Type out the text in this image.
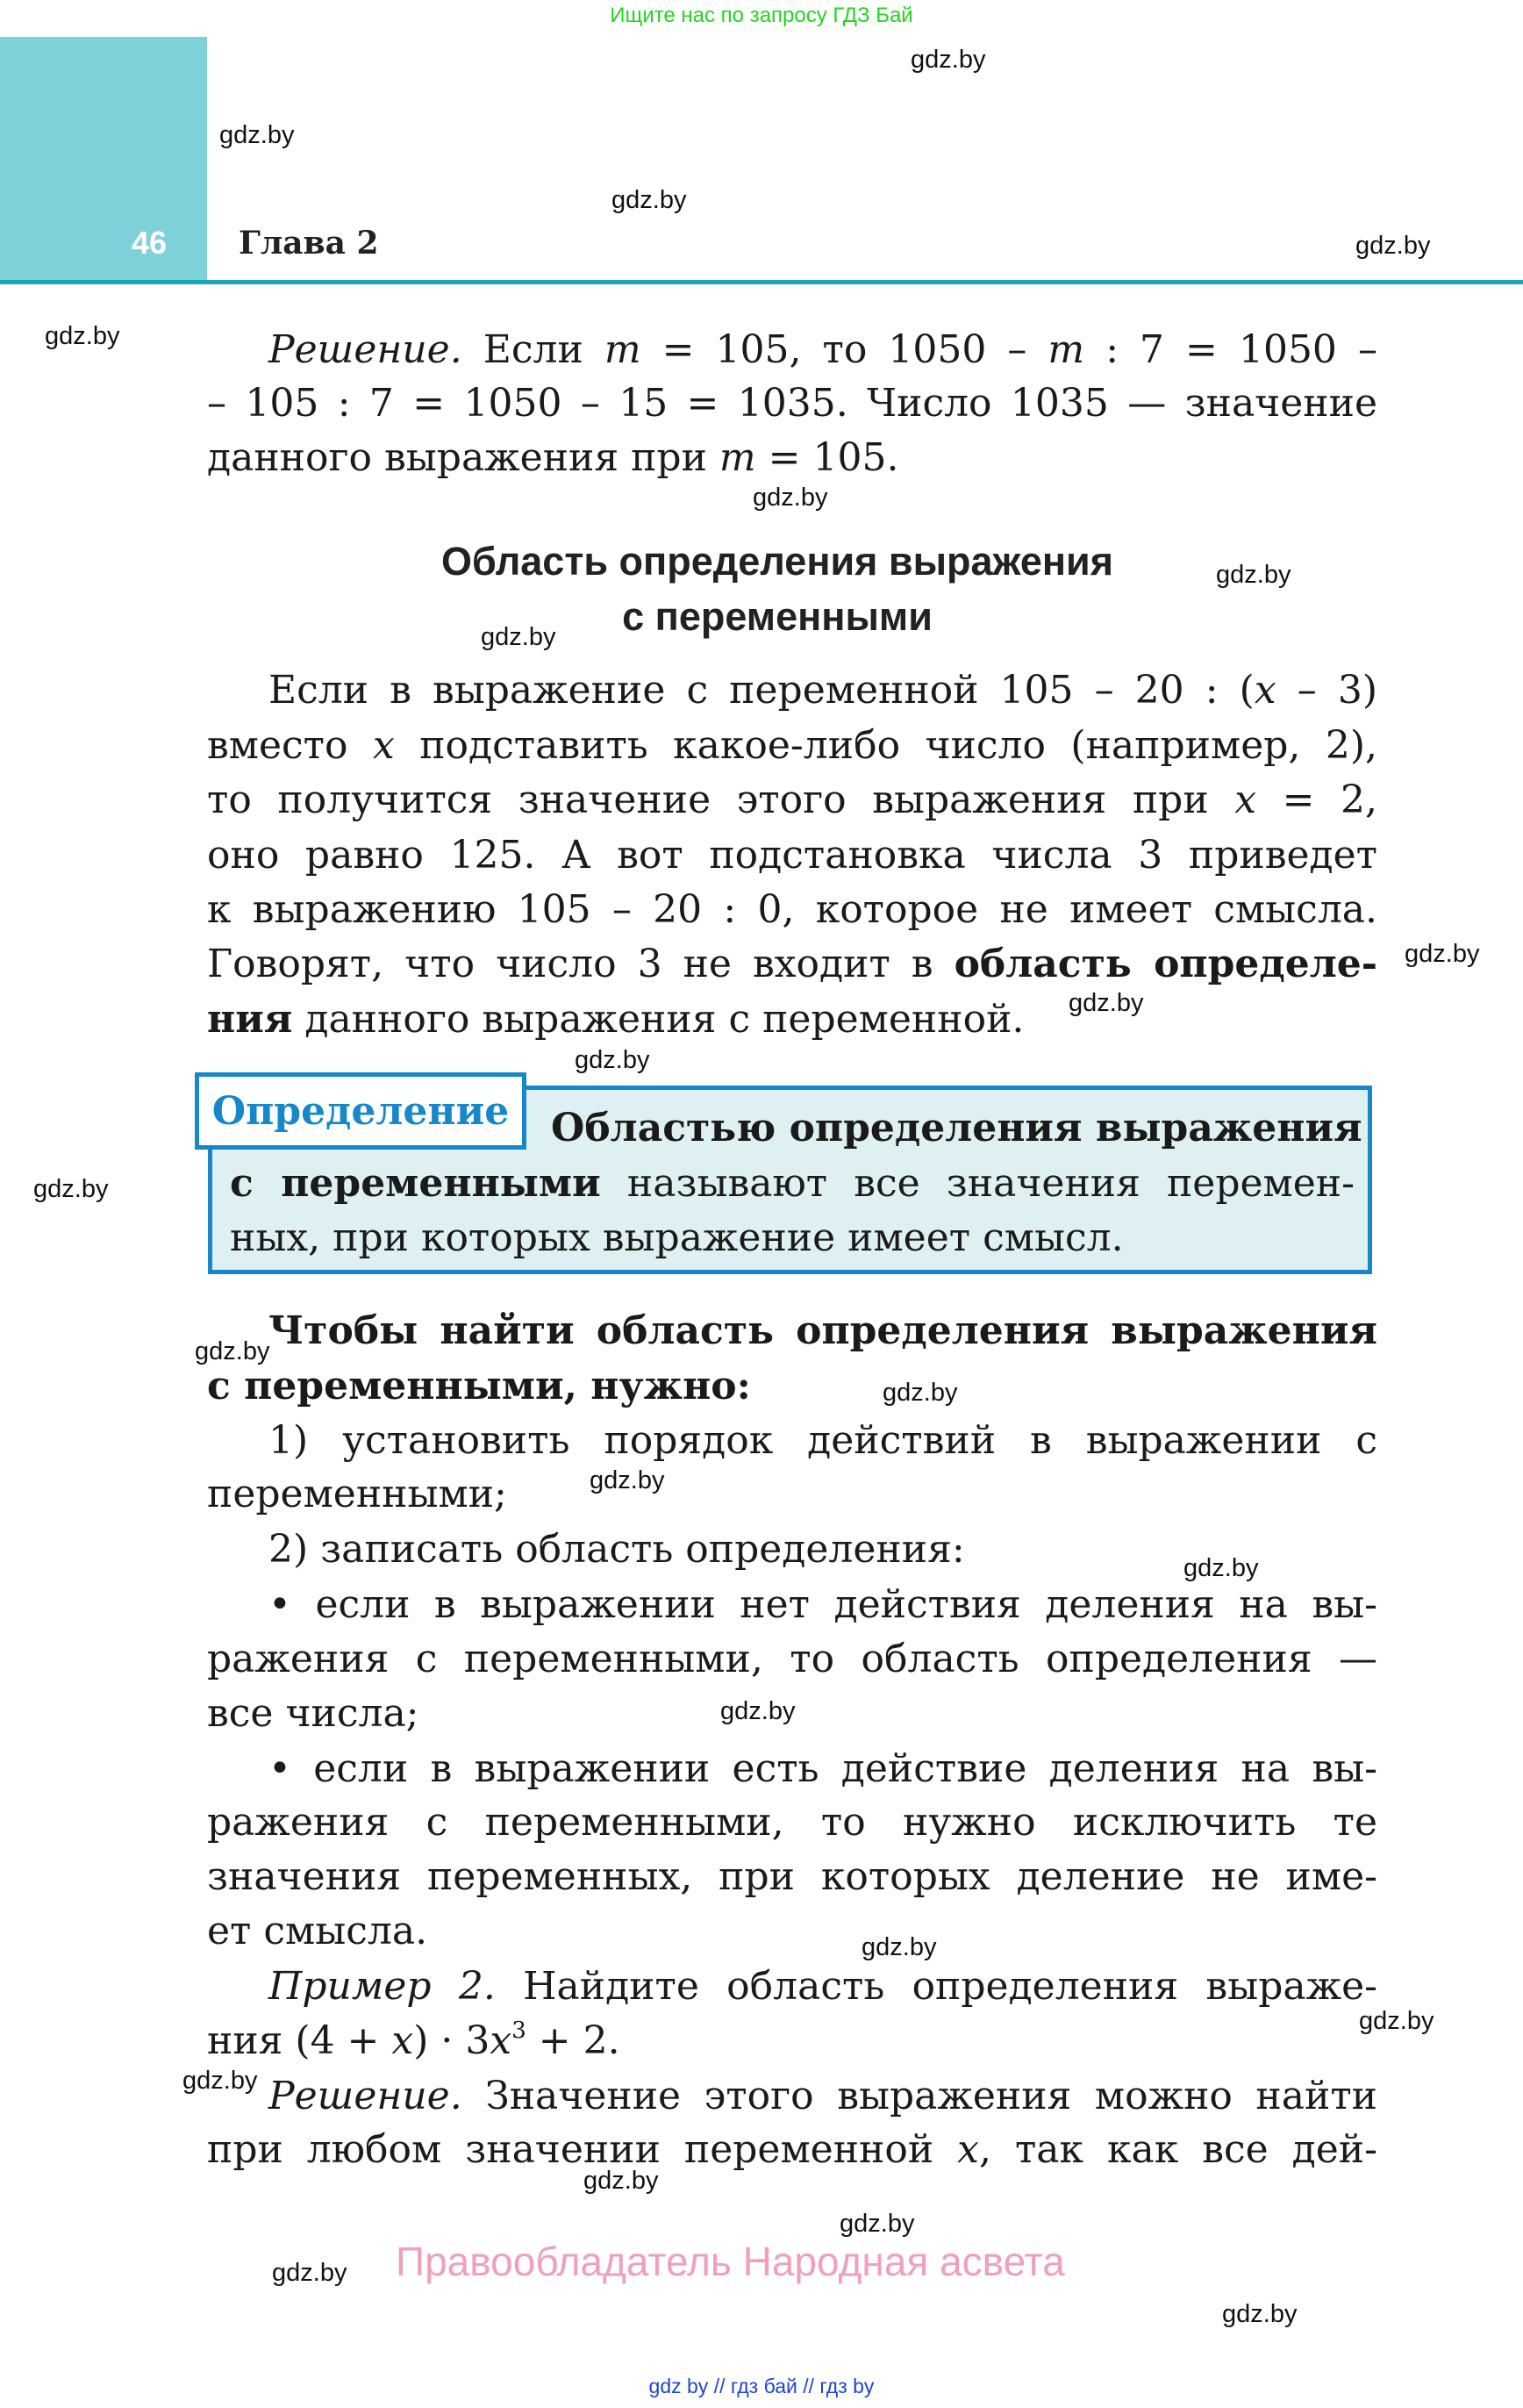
Ищите нас по запросу ГДЗ Бай
46	Глава 2
Решение. Если m = 105, то 1050 – m : 7 = 1050 –
– 105 : 7 = 1050 – 15 = 1035. Число 1035 — значение
данного выражения при m = 105.
Область определения выражения
с переменными
Если в выражение с переменной 105 – 20 : (x – 3)
вместо x подставить какое-либо число (например, 2),
то получится значение этого выражения при x = 2,
оно равно 125. А вот подстановка числа 3 приведет
к выражению 105 – 20 : 0, которое не имеет смысла.
Говорят, что число 3 не входит в область определе-
ния данного выражения с переменной.
Определение	Областью определения выражения
с переменными называют все значения перемен-
ных, при которых выражение имеет смысл.
Чтобы найти область определения выражения
с переменными, нужно:
1) установить порядок действий в выражении с
переменными;
2) записать область определения:
• если в выражении нет действия деления на вы-
ражения с переменными, то область определения —
все числа;
• если в выражении есть действие деления на вы-
ражения с переменными, то нужно исключить те
значения переменных, при которых деление не име-
ет смысла.
Пример 2. Найдите область определения выраже-
ния $(4 + x) \cdot 3x^3 + 2$.
Решение. Значение этого выражения можно найти
при любом значении переменной x, так как все дей-
Правообладатель Народная асвета
gdz by // гдз бай // гдз by
gdz.by
gdz.by
gdz.by
gdz.by
gdz.by
gdz.by
gdz.by
gdz.by
gdz.by
gdz.by
gdz.by
gdz.by
gdz.by
gdz.by
gdz.by
gdz.by
gdz.by
gdz.by
gdz.by
gdz.by
gdz.by
gdz.by
gdz.by
gdz.by
